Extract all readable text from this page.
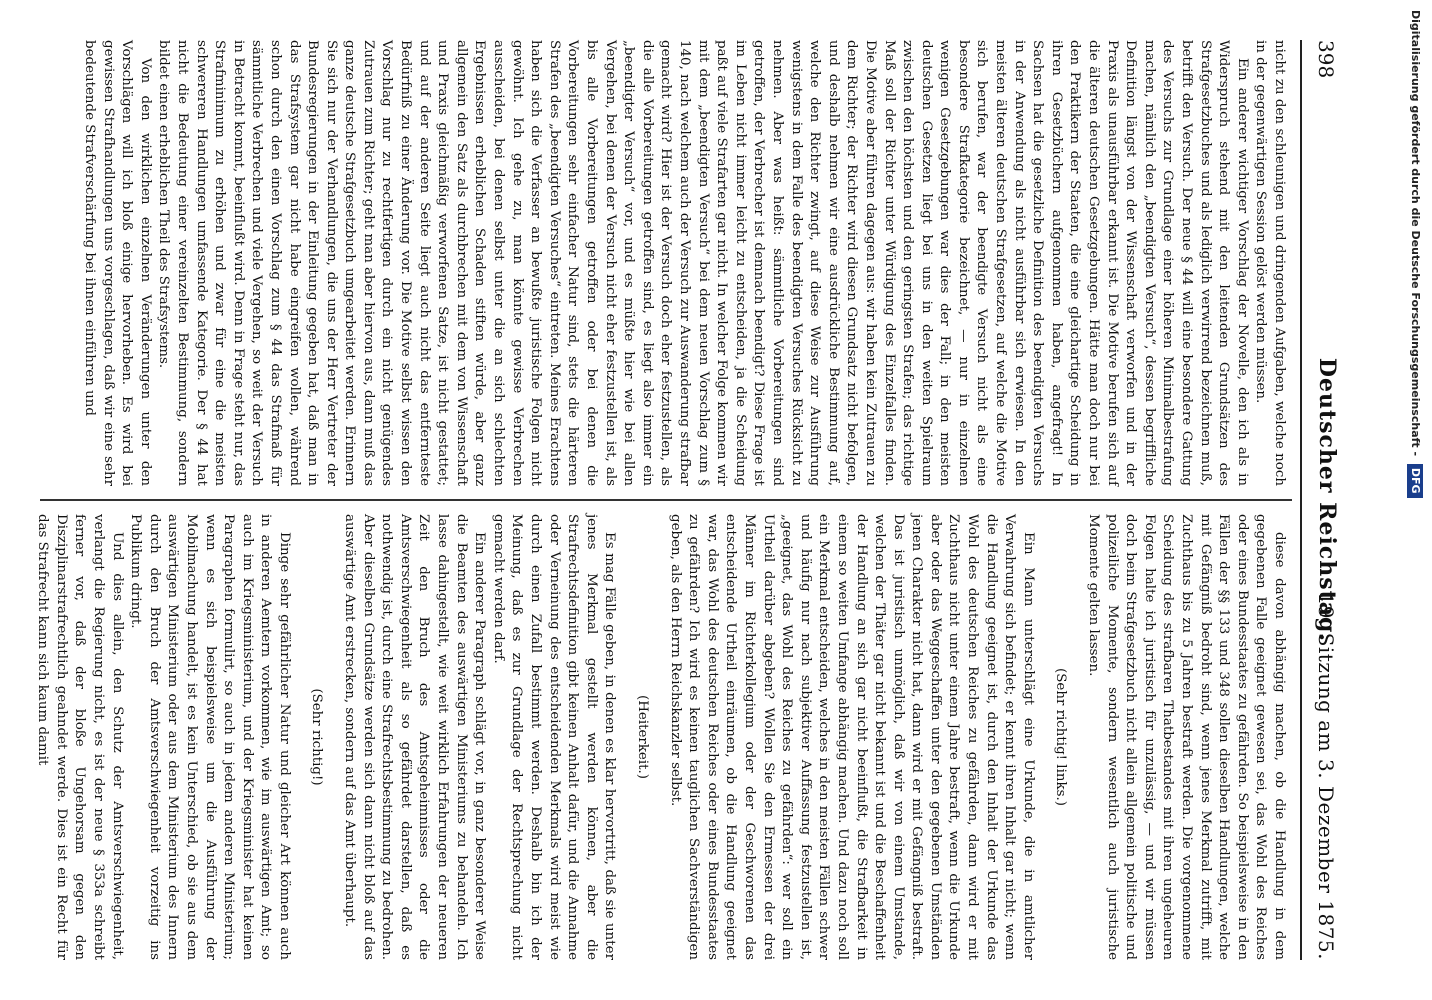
398
Deutscher Reichstag.
19. Sitzung am 3. Dezember 1875.

nicht zu den schleunigen und dringenden Aufgaben, welche noch in der gegenwärtigen Session gelöst werden müssen.

Ein anderer wichtiger Vorschlag der Novelle, den ich als in Widerspruch stehend mit den leitenden Grundsätzen des Strafgesetzbuches und als lediglich verwirrend bezeichnen muß, betrifft den Versuch. Der neue § 44 will eine besondere Gattung des Versuchs zur Grundlage einer höheren Minimalbestrafung machen, nämlich den „beendigten Versuch“, dessen begriffliche Definition längst von der Wissenschaft verworfen und in der Praxis als unausführbar erkannt ist. Die Motive berufen sich auf die älteren deutschen Gesetzgebungen. Hätte man doch nur bei den Praktikern der Staaten, die eine gleichartige Scheidung in ihren Gesetzbüchern aufgenommen haben, angefragt! In Sachsen hat die gesetzliche Definition des beendigten Versuchs in der Anwendung als nicht ausführbar sich erwiesen. In den meisten älteren deutschen Strafgesetzen, auf welche die Motive sich berufen, war der beendigte Versuch nicht als eine besondere Strafkategorie bezeichnet, — nur in einzelnen wenigen Gesetzgebungen war dies der Fall; in den meisten deutschen Gesetzen liegt bei uns in den weiten Spielraum zwischen den höchsten und den geringsten Strafen; das richtige Maß soll der Richter unter Würdigung des Einzelfalles finden. Die Motive aber führen dagegen aus: wir haben kein Zutrauen zu dem Richter; der Richter wird diesen Grundsatz nicht befolgen, und deshalb nehmen wir eine ausdrückliche Bestimmung auf, welche den Richter zwingt, auf diese Weise zur Ausführung wenigstens in dem Falle des beendigten Versuches Rücksicht zu nehmen. Aber was heißt: sämmtliche Vorbereitungen sind getroffen, der Verbrecher ist demnach beendigt? Diese Frage ist im Leben nicht immer leicht zu entscheiden, ja die Scheidung paßt auf viele Strafarten gar nicht. In welcher Folge kommen wir mit dem „beendigten Versuch“ bei dem neuen Vorschlag zum § 140, nach welchem auch der Versuch zur Auswanderung strafbar gemacht wird? Hier ist der Versuch doch eher festzustellen, als die alle Vorbereitungen getroffen sind, es liegt also immer ein „beendigter Versuch“ vor, und es müßte hier wie bei allen Vergehen, bei denen der Versuch nicht eher festzustellen ist, als bis alle Vorbereitungen getroffen oder bei denen die Vorbereitungen sehr einfacher Natur sind, stets die härteren Strafen des „beendigten Versuches“ eintreten. Meines Erachtens haben sich die Verfasser an bewußte juristische Folgen nicht gewöhnt. Ich gehe zu, man könnte gewisse Verbrechen ausscheiden, bei denen selbst unter die an sich schlechten Ergebnissen erheblichen Schaden stiften würde, aber ganz allgemein den Satz als durchbrechen mit dem von Wissenschaft und Praxis gleichmäßig verworfenen Satze, ist nicht gestattet; und auf der anderen Seite liegt auch nicht das entfernteste Bedürfniß zu einer Änderung vor. Die Motive selbst wissen den Vorschlag nur zu rechtfertigen durch ein nicht genügendes Zutrauen zum Richter; geht man aber hiervon aus, dann muß das ganze deutsche Strafgesetzbuch umgearbeitet werden. Erinnern Sie sich nur der Verhandlungen, die uns der Herr Vertreter der Bundesregierungen in der Einleitung gegeben hat, daß man in das Strafsystem gar nicht habe eingreifen wollen, während schon durch den einen Vorschlag zum § 44 das Strafmaß für sämmtliche Verbrechen und viele Vergehen, so weit der Versuch in Betracht kommt, beeinflußt wird. Denn in Frage steht nur, das Strafminimum zu erhöhen und zwar für eine die meisten schwereren Handlungen umfassende Kategorie. Der § 44 hat nicht die Bedeutung einer vereinzelten Bestimmung, sondern bildet einen erheblichen Theil des Strafsystems.

Von den wirklichen einzelnen Veränderungen unter den Vorschlägen will ich bloß einige hervorheben. Es wird bei gewissen Strafhandlungen uns vorgeschlagen, daß wir eine sehr bedeutende Strafverschärfung bei ihnen einführen und

diese davon abhängig machen, ob die Handlung in dem gegebenen Falle geeignet gewesen sei, das Wohl des Reiches oder eines Bundesstaates zu gefährden. So beispielsweise in den Fällen der §§ 133 und 348 sollen dieselben Handlungen, welche mit Gefängniß bedroht sind, wenn jenes Merkmal zutrifft, mit Zuchthaus bis zu 5 Jahren bestraft werden. Die vorgenommene Scheidung des strafbaren Thatbestandes mit ihren ungeheuren Folgen halte ich juristisch für unzulässig, — und wir müssen doch beim Strafgesetzbuch nicht allein allgemein politische und polizeiliche Momente, sondern wesentlich auch juristische Momente gelten lassen.

(Sehr richtig! links.)

Ein Mann unterschlägt eine Urkunde, die in amtlicher Verwahrung sich befindet; er kennt ihren Inhalt gar nicht; wenn die Handlung geeignet ist, durch den Inhalt der Urkunde das Wohl des deutschen Reiches zu gefährden, dann wird er mit Zuchthaus nicht unter einem Jahre bestraft, wenn die Urkunde aber oder das Weggeschaffen unter den gegebenen Umständen jenen Charakter nicht hat, dann wird er mit Gefängniß bestraft. Das ist juristisch unmöglich, daß wir von einem Umstande, welchen der Thäter gar nicht bekannt ist und die Beschaffenheit der Handlung an sich gar nicht beeinflußt, die Strafbarkeit in einem so weiten Umfange abhängig machen. Und dazu noch soll ein Merkmal entscheiden, welches in den meisten Fällen schwer und häufig nur nach subjektiver Auffassung festzustellen ist, „geeignet, das Wohl des Reiches zu gefährden“: wer soll ein Urtheil darüber abgeben? Wollen Sie den Ermessen der drei Männer im Richterkollegium oder der Geschworenen das entscheidende Urtheil einräumen, ob die Handlung geeignet war, das Wohl des deutschen Reiches oder eines Bundesstaates zu gefährden? Ich wird es keinen tauglichen Sachverständigen geben, als den Herrn Reichskanzler selbst.

(Heiterkeit.)

Es mag Fälle geben, in denen es klar hervortritt, daß sie unter jenes Merkmal gestellt werden können, aber die Strafrechtsdefinition gibt keinen Anhalt dafür, und die Annahme oder Verneinung des entscheidenden Merkmals wird meist wie durch einen Zufall bestimmt werden. Deshalb bin ich der Meinung, daß es zur Grundlage der Rechtsprechung nicht gemacht werden darf.

Ein anderer Paragraph schlägt vor, in ganz besonderer Weise die Beamten des auswärtigen Ministeriums zu behandeln. Ich lasse dahingestellt, wie weit wirklich Erfahrungen der neueren Zeit den Bruch des Amtsgeheimnisses oder die Amtsverschwiegenheit als so gefährdet darstellen, daß es nothwendig ist, durch eine Strafrechtsbestimmung zu bedrohen. Aber dieselben Grundsätze werden sich dann nicht bloß auf das auswärtige Amt erstrecken, sondern auf das Amt überhaupt.

(Sehr richtig!)

Dinge sehr gefährlicher Natur und gleicher Art können auch in anderen Aemtern vorkommen, wie im auswärtigen Amt; so auch im Kriegsministerium, und der Kriegsminister hat keinen Paragraphen formulirt, so auch in jedem anderen Ministerium; wenn es sich beispielsweise um die Ausführung der Mobilmachung handelt, ist es kein Unterschied, ob sie aus dem auswärtigen Ministerium oder aus dem Ministerium des Innern durch den Bruch der Amtsverschwiegenheit vorzeitig ins Publikum dringt.

Und dies allein, den Schutz der Amtsverschwiegenheit, verlangt die Regierung nicht, es ist der neue § 353a schreibt ferner vor, daß der bloße Ungehorsam gegen den Disziplinarstrafrechtlich geahndet werde. Dies ist ein Recht für das Strafrecht kann sich kaum damit

Digitalisierung gefördert durch die Deutsche Forschungsgemeinschaft - DFG
